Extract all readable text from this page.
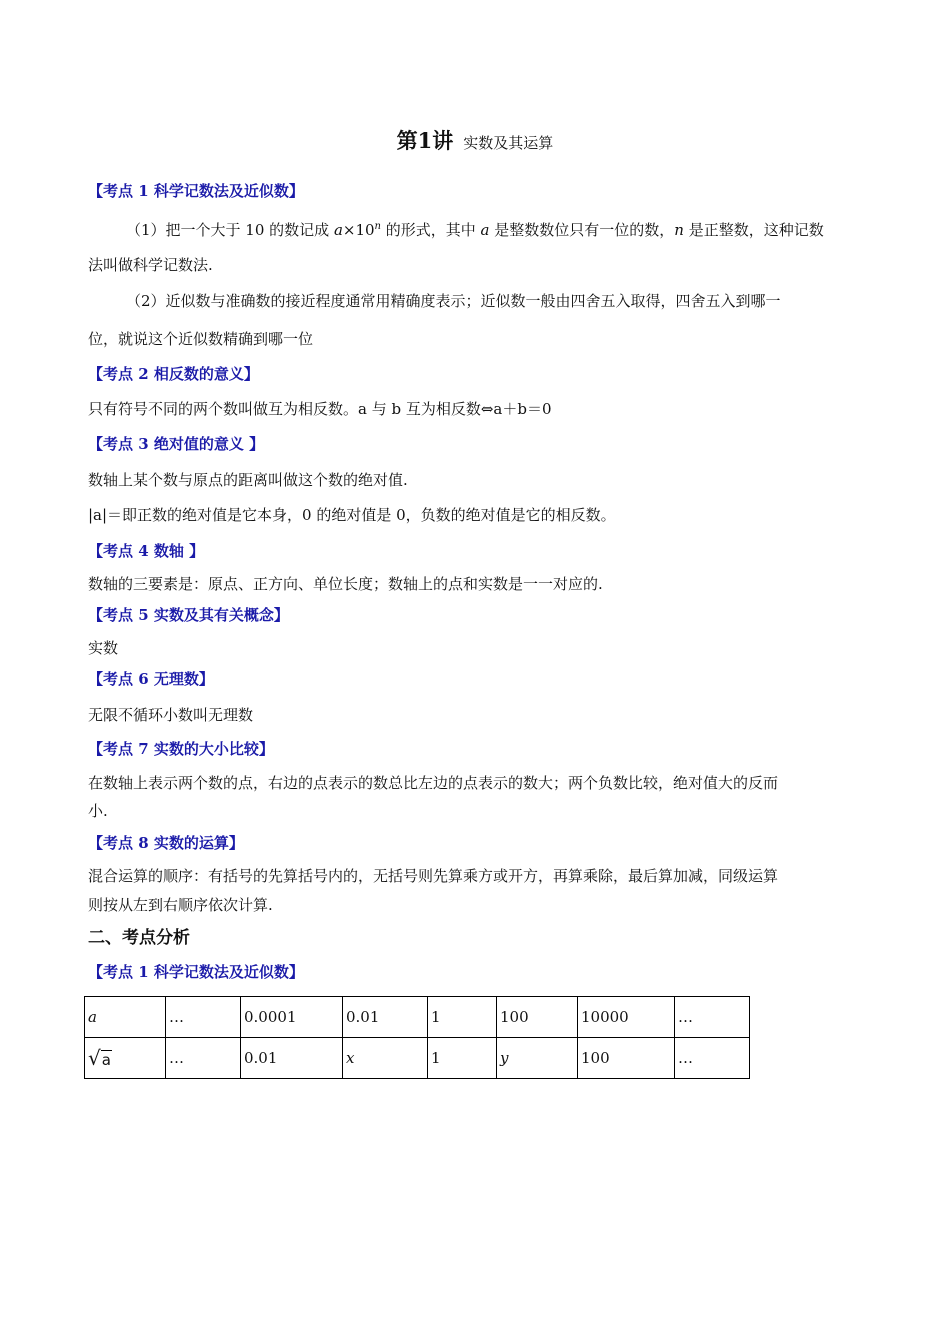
第1讲 实数及其运算
【考点 1 科学记数法及近似数】
（1）把一个大于 10 的数记成 $a\times 10^n$ 的形式，其中 a 是整数数位只有一位的数，n 是正整数，这种记数
法叫做科学记数法.
（2）近似数与准确数的接近程度通常用精确度表示；近似数一般由四舍五入取得，四舍五入到哪一
位，就说这个近似数精确到哪一位
【考点 2 相反数的意义】
只有符号不同的两个数叫做互为相反数。a 与 b 互为相反数⇔a＋b＝0
【考点 3 绝对值的意义 】
数轴上某个数与原点的距离叫做这个数的绝对值.
|a|＝即正数的绝对值是它本身，0 的绝对值是 0，负数的绝对值是它的相反数。
【考点 4 数轴 】
数轴的三要素是：原点、正方向、单位长度；数轴上的点和实数是一一对应的.
【考点 5 实数及其有关概念】
实数
【考点 6 无理数】
无限不循环小数叫无理数
【考点 7 实数的大小比较】
在数轴上表示两个数的点，右边的点表示的数总比左边的点表示的数大；两个负数比较，绝对值大的反而
小.
【考点 8 实数的运算】
混合运算的顺序：有括号的先算括号内的，无括号则先算乘方或开方，再算乘除，最后算加减，同级运算
则按从左到右顺序依次计算.
二、考点分析
【考点 1 科学记数法及近似数】
a	…	0.0001	0.01	1	100	10000	…
√a	…	0.01	x	1	y	100	…
